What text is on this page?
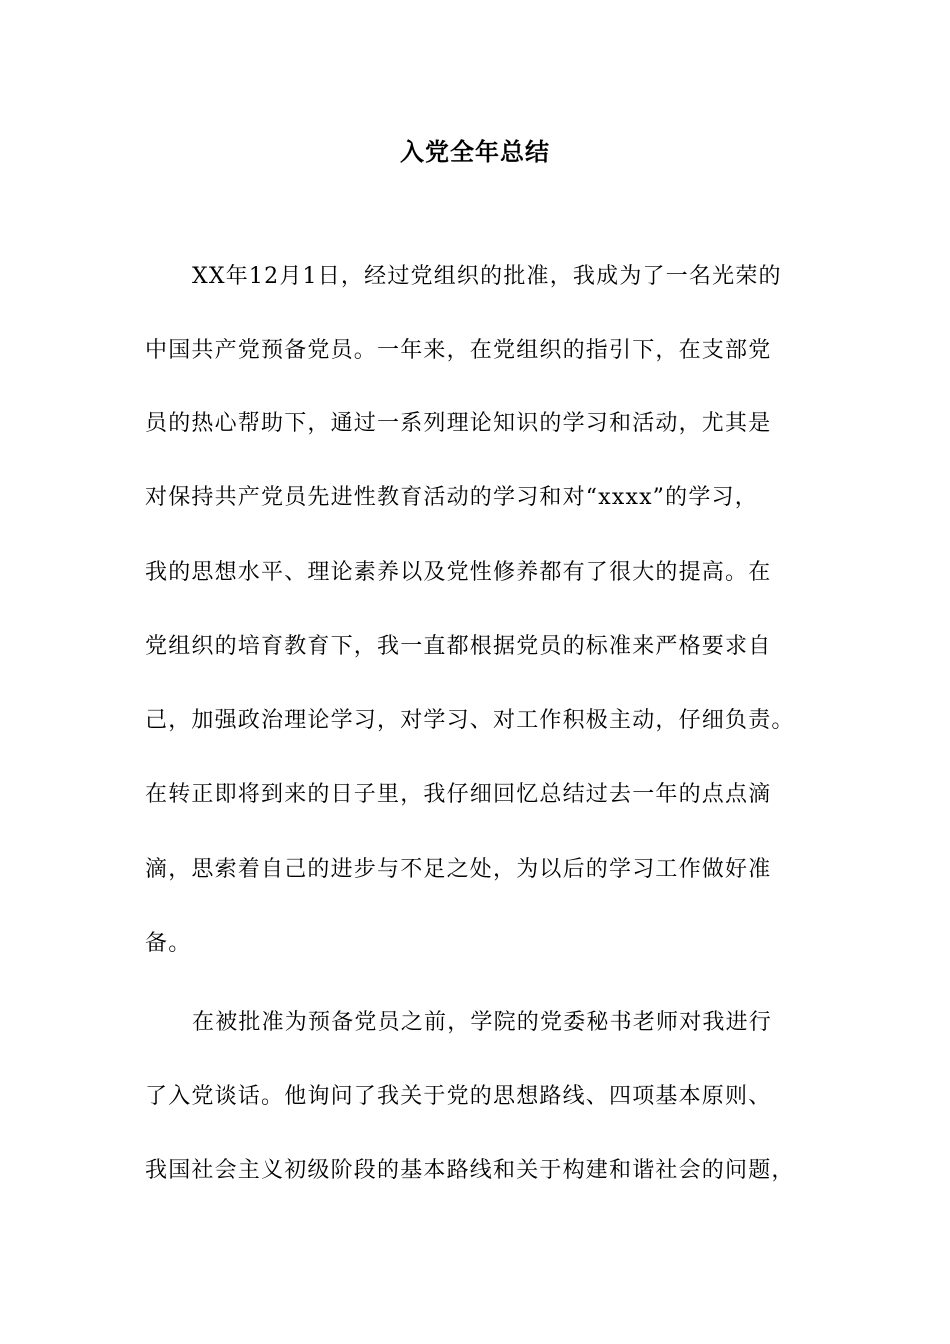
入党全年总结
XX年12月1日，经过党组织的批准，我成为了一名光荣的
中国共产党预备党员。一年来，在党组织的指引下，在支部党
员的热心帮助下，通过一系列理论知识的学习和活动，尤其是
对保持共产党员先进性教育活动的学习和对“xxxx”的学习，
我的思想水平、理论素养以及党性修养都有了很大的提高。在
党组织的培育教育下，我一直都根据党员的标准来严格要求自
己，加强政治理论学习，对学习、对工作积极主动，仔细负责。
在转正即将到来的日子里，我仔细回忆总结过去一年的点点滴
滴，思索着自己的进步与不足之处，为以后的学习工作做好准
备。
在被批准为预备党员之前，学院的党委秘书老师对我进行
了入党谈话。他询问了我关于党的思想路线、四项基本原则、
我国社会主义初级阶段的基本路线和关于构建和谐社会的问题，
